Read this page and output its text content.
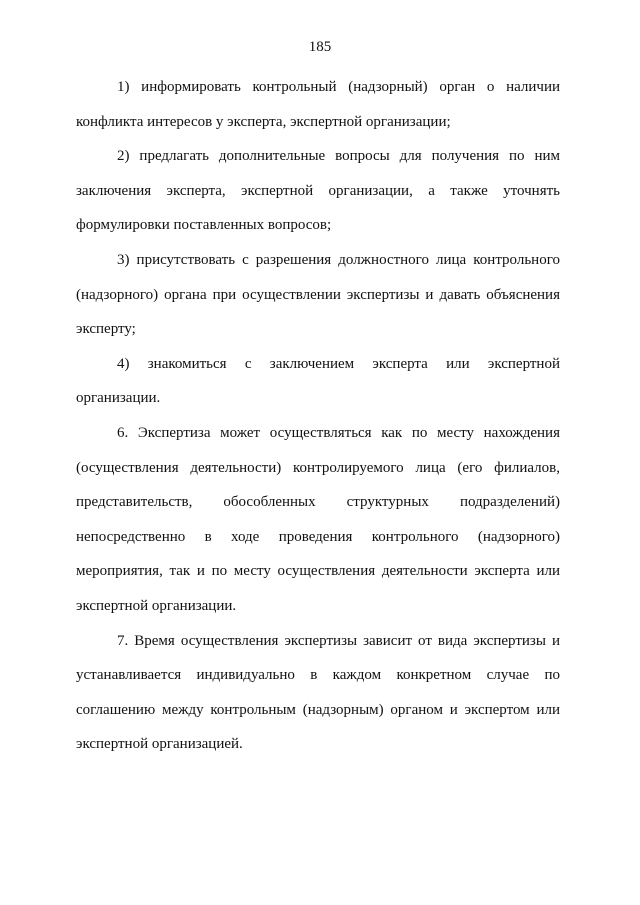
185

1) информировать контрольный (надзорный) орган о наличии конфликта интересов у эксперта, экспертной организации;

2) предлагать дополнительные вопросы для получения по ним заключения эксперта, экспертной организации, а также уточнять формулировки поставленных вопросов;

3) присутствовать с разрешения должностного лица контрольного (надзорного) органа при осуществлении экспертизы и давать объяснения эксперту;

4) знакомиться с заключением эксперта или экспертной организации.

6. Экспертиза может осуществляться как по месту нахождения (осуществления деятельности) контролируемого лица (его филиалов, представительств, обособленных структурных подразделений) непосредственно в ходе проведения контрольного (надзорного) мероприятия, так и по месту осуществления деятельности эксперта или экспертной организации.

7. Время осуществления экспертизы зависит от вида экспертизы и устанавливается индивидуально в каждом конкретном случае по соглашению между контрольным (надзорным) органом и экспертом или экспертной организацией.
